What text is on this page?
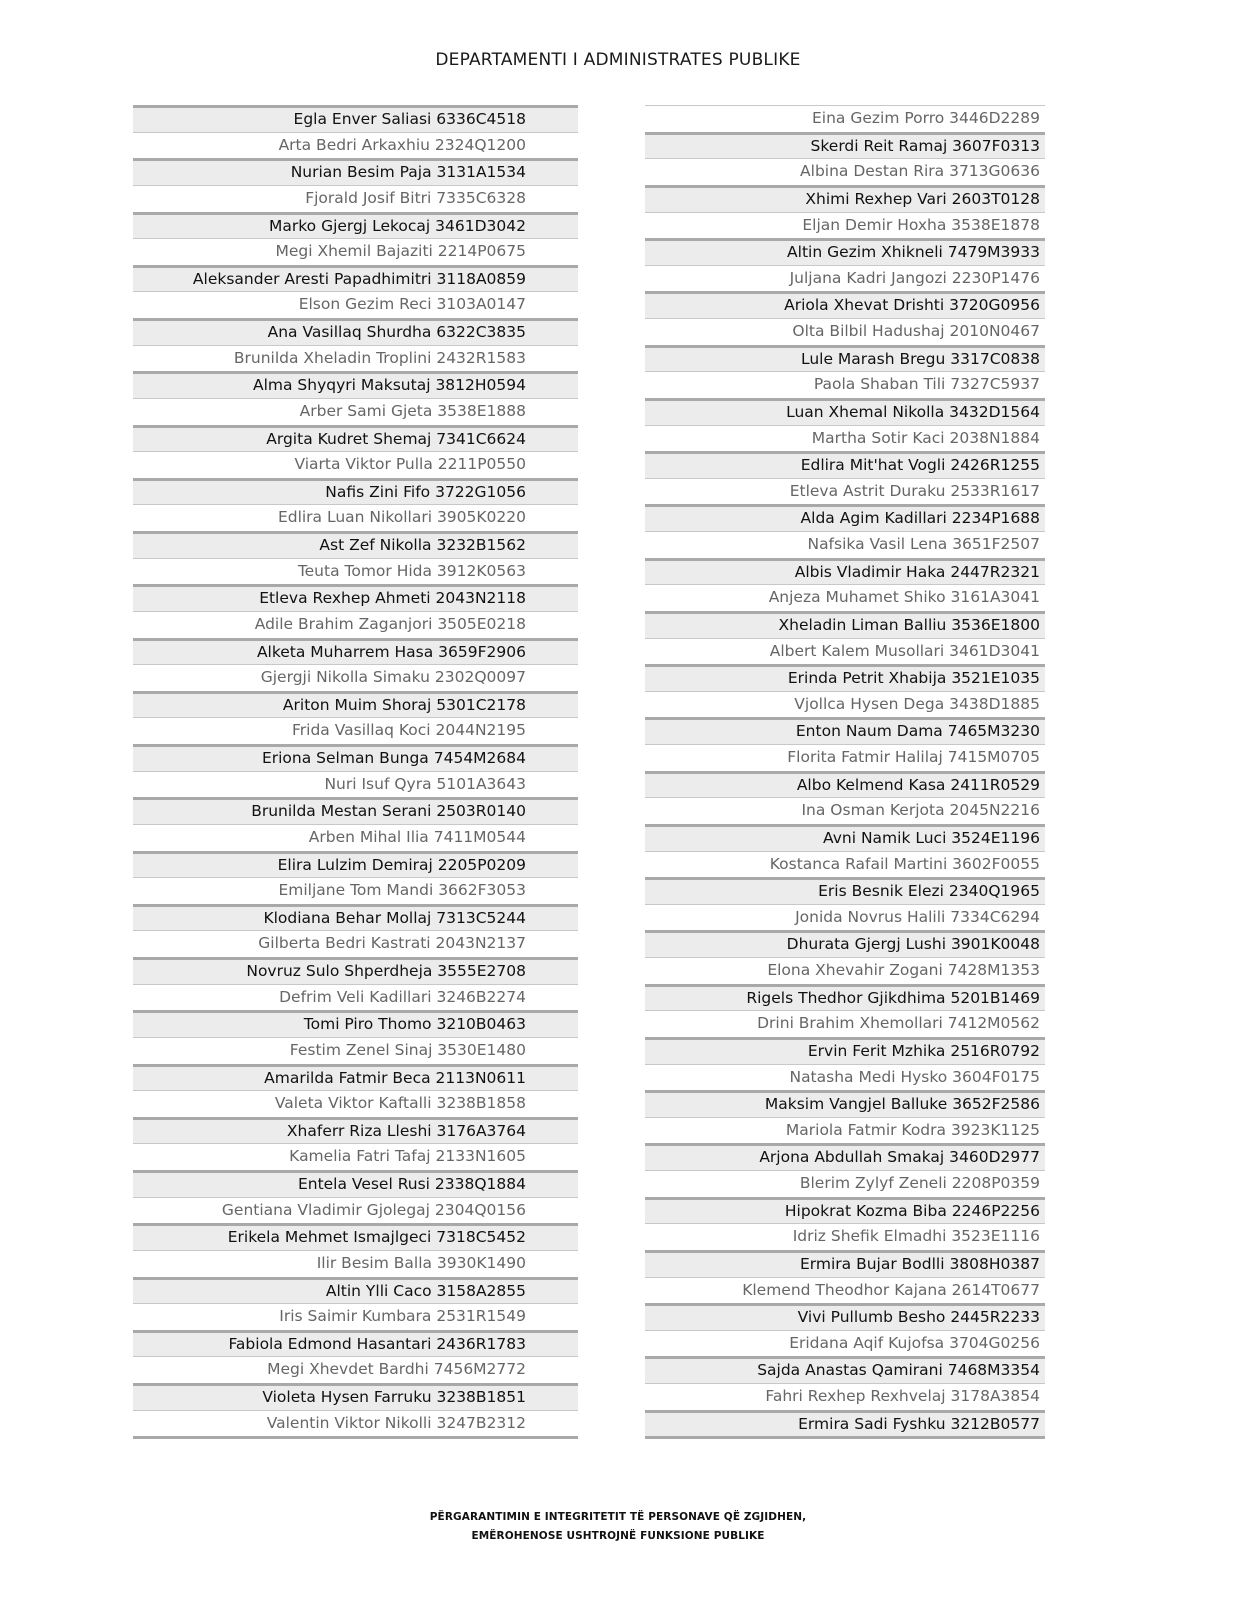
DEPARTAMENTI I ADMINISTRATES PUBLIKE
Egla Enver Saliasi 6336C4518
Arta Bedri Arkaxhiu 2324Q1200
Nurian Besim Paja 3131A1534
Fjorald Josif Bitri 7335C6328
Marko Gjergj Lekocaj 3461D3042
Megi Xhemil Bajaziti 2214P0675
Aleksander Aresti Papadhimitri 3118A0859
Elson Gezim Reci 3103A0147
Ana Vasillaq Shurdha 6322C3835
Brunilda Xheladin Troplini 2432R1583
Alma Shyqyri Maksutaj 3812H0594
Arber Sami Gjeta 3538E1888
Argita Kudret Shemaj 7341C6624
Viarta Viktor Pulla 2211P0550
Nafis Zini Fifo 3722G1056
Edlira Luan Nikollari 3905K0220
Ast Zef Nikolla 3232B1562
Teuta Tomor Hida 3912K0563
Etleva Rexhep Ahmeti 2043N2118
Adile Brahim Zaganjori 3505E0218
Alketa Muharrem Hasa 3659F2906
Gjergji Nikolla Simaku 2302Q0097
Ariton Muim Shoraj 5301C2178
Frida Vasillaq Koci 2044N2195
Eriona Selman Bunga 7454M2684
Nuri Isuf Qyra 5101A3643
Brunilda Mestan Serani 2503R0140
Arben Mihal Ilia 7411M0544
Elira Lulzim Demiraj 2205P0209
Emiljane Tom Mandi 3662F3053
Klodiana Behar Mollaj 7313C5244
Gilberta Bedri Kastrati 2043N2137
Novruz Sulo Shperdheja 3555E2708
Defrim Veli Kadillari 3246B2274
Tomi Piro Thomo 3210B0463
Festim Zenel Sinaj 3530E1480
Amarilda Fatmir Beca 2113N0611
Valeta Viktor Kaftalli 3238B1858
Xhaferr Riza Lleshi 3176A3764
Kamelia Fatri Tafaj 2133N1605
Entela Vesel Rusi 2338Q1884
Gentiana Vladimir Gjolegaj 2304Q0156
Erikela Mehmet Ismajlgeci 7318C5452
Ilir Besim Balla 3930K1490
Altin Ylli Caco 3158A2855
Iris Saimir Kumbara 2531R1549
Fabiola Edmond Hasantari 2436R1783
Megi Xhevdet Bardhi 7456M2772
Violeta Hysen Farruku 3238B1851
Valentin Viktor Nikolli 3247B2312
Eina Gezim Porro 3446D2289
Skerdi Reit Ramaj 3607F0313
Albina Destan Rira 3713G0636
Xhimi Rexhep Vari 2603T0128
Eljan Demir Hoxha 3538E1878
Altin Gezim Xhikneli 7479M3933
Juljana Kadri Jangozi 2230P1476
Ariola Xhevat Drishti 3720G0956
Olta Bilbil Hadushaj 2010N0467
Lule Marash Bregu 3317C0838
Paola Shaban Tili 7327C5937
Luan Xhemal Nikolla 3432D1564
Martha Sotir Kaci 2038N1884
Edlira Mit'hat Vogli 2426R1255
Etleva Astrit Duraku 2533R1617
Alda Agim Kadillari 2234P1688
Nafsika Vasil Lena 3651F2507
Albis Vladimir Haka 2447R2321
Anjeza Muhamet Shiko 3161A3041
Xheladin Liman Balliu 3536E1800
Albert Kalem Musollari 3461D3041
Erinda Petrit Xhabija 3521E1035
Vjollca Hysen Dega 3438D1885
Enton Naum Dama 7465M3230
Florita Fatmir Halilaj 7415M0705
Albo Kelmend Kasa 2411R0529
Ina Osman Kerjota 2045N2216
Avni Namik Luci 3524E1196
Kostanca Rafail Martini 3602F0055
Eris Besnik Elezi 2340Q1965
Jonida Novrus Halili 7334C6294
Dhurata Gjergj Lushi 3901K0048
Elona Xhevahir Zogani 7428M1353
Rigels Thedhor Gjikdhima 5201B1469
Drini Brahim Xhemollari 7412M0562
Ervin Ferit Mzhika 2516R0792
Natasha Medi Hysko 3604F0175
Maksim Vangjel Balluke 3652F2586
Mariola Fatmir Kodra 3923K1125
Arjona Abdullah Smakaj 3460D2977
Blerim Zylyf Zeneli 2208P0359
Hipokrat Kozma Biba 2246P2256
Idriz Shefik Elmadhi 3523E1116
Ermira Bujar Bodlli 3808H0387
Klemend Theodhor Kajana 2614T0677
Vivi Pullumb Besho 2445R2233
Eridana Aqif Kujofsa 3704G0256
Sajda Anastas Qamirani 7468M3354
Fahri Rexhep Rexhvelaj 3178A3854
Ermira Sadi Fyshku 3212B0577
PËRGARANTIMIN E INTEGRITETIT TË PERSONAVE QË ZGJIDHEN,
EMËROHENOSE USHTROJNË FUNKSIONE PUBLIKE
